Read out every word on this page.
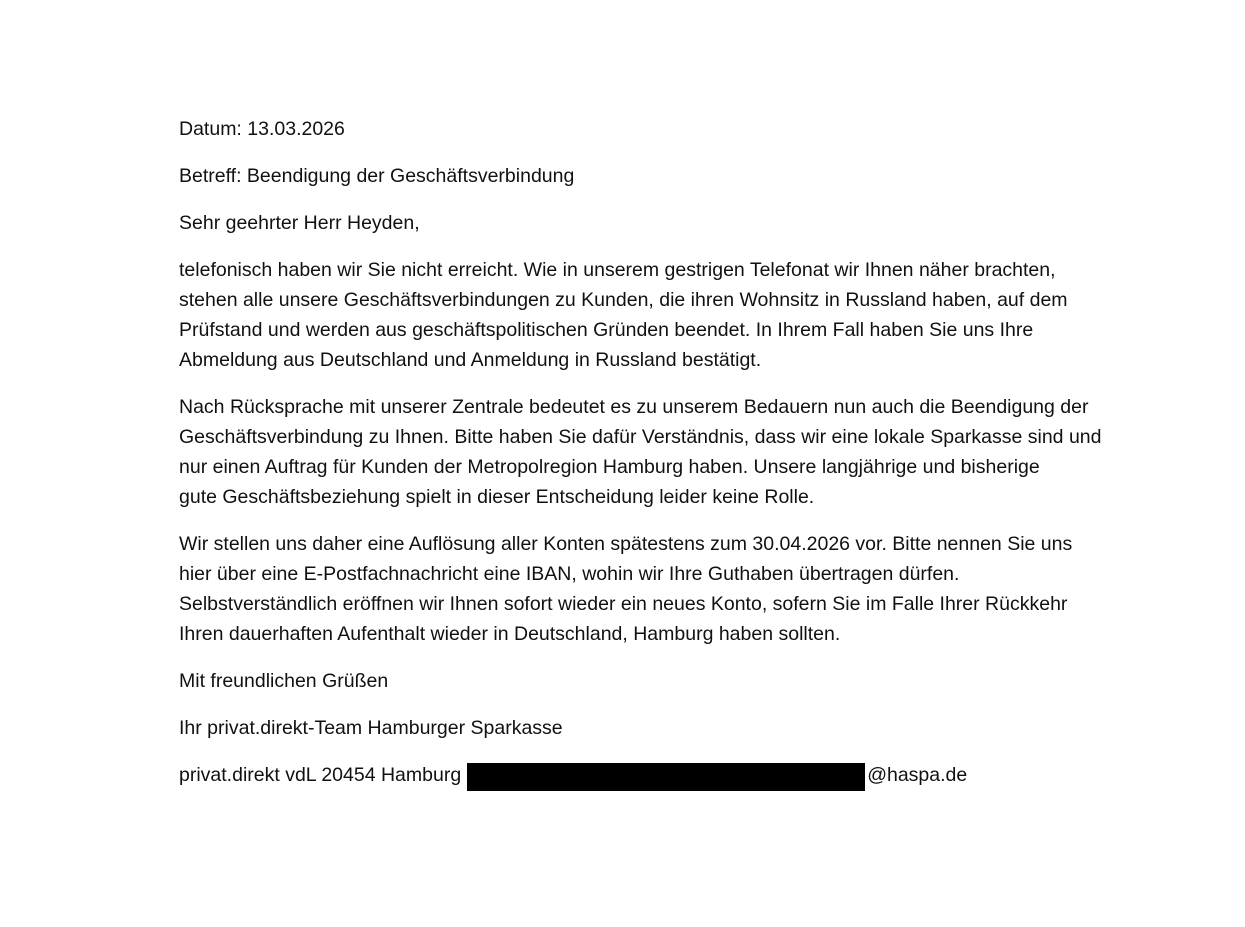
Datum: 13.03.2026

Betreff: Beendigung der Geschäftsverbindung

Sehr geehrter Herr Heyden,

telefonisch haben wir Sie nicht erreicht. Wie in unserem gestrigen Telefonat wir Ihnen näher brachten,
stehen alle unsere Geschäftsverbindungen zu Kunden, die ihren Wohnsitz in Russland haben, auf dem
Prüfstand und werden aus geschäftspolitischen Gründen beendet. In Ihrem Fall haben Sie uns Ihre
Abmeldung aus Deutschland und Anmeldung in Russland bestätigt.

Nach Rücksprache mit unserer Zentrale bedeutet es zu unserem Bedauern nun auch die Beendigung der
Geschäftsverbindung zu Ihnen. Bitte haben Sie dafür Verständnis, dass wir eine lokale Sparkasse sind und
nur einen Auftrag für Kunden der Metropolregion Hamburg haben. Unsere langjährige und bisherige
gute Geschäftsbeziehung spielt in dieser Entscheidung leider keine Rolle.

Wir stellen uns daher eine Auflösung aller Konten spätestens zum 30.04.2026 vor. Bitte nennen Sie uns
hier über eine E-Postfachnachricht eine IBAN, wohin wir Ihre Guthaben übertragen dürfen.
Selbstverständlich eröffnen wir Ihnen sofort wieder ein neues Konto, sofern Sie im Falle Ihrer Rückkehr
Ihren dauerhaften Aufenthalt wieder in Deutschland, Hamburg haben sollten.

Mit freundlichen Grüßen

Ihr privat.direkt-Team Hamburger Sparkasse

privat.direkt vdL 20454 Hamburg	@haspa.de
